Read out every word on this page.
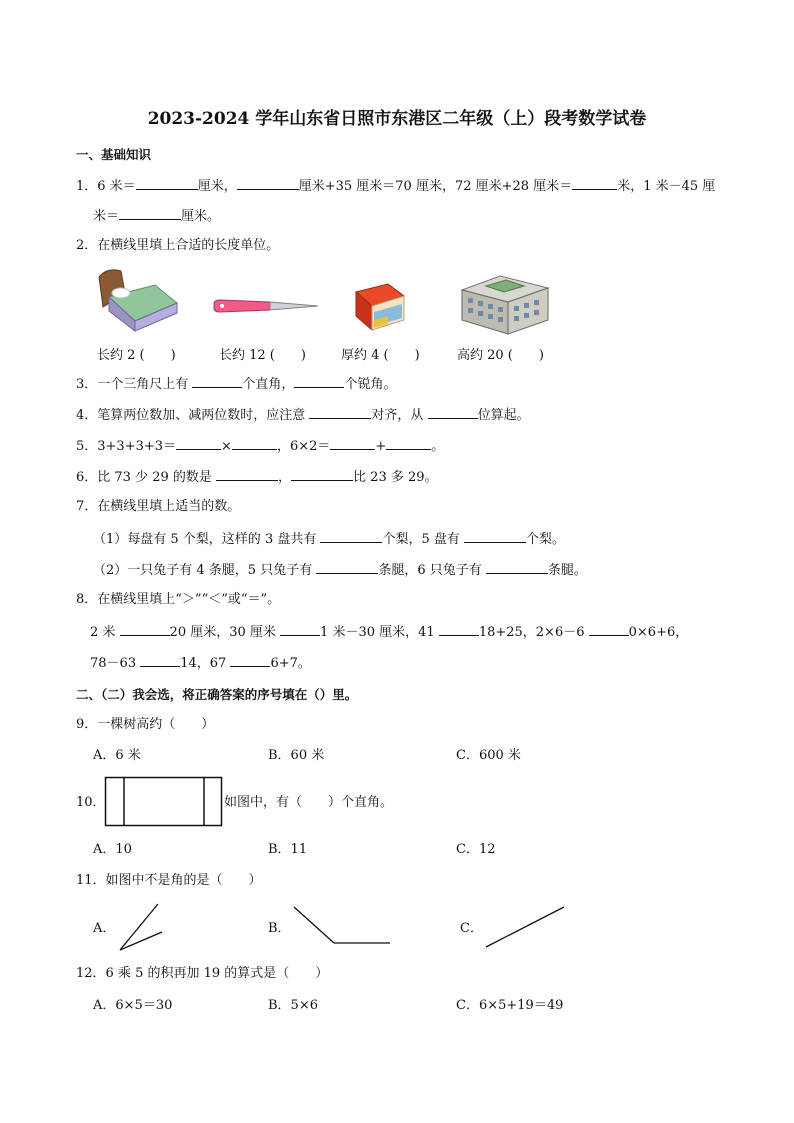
2023-2024 学年山东省日照市东港区二年级（上）段考数学试卷
一、基础知识
1．6 米＝	厘米，	厘米+35 厘米＝70 厘米，72 厘米+28 厘米＝	米，1 米－45 厘
米＝	厘米。
2．在横线里填上合适的长度单位。
长约 2 (　　)	长约 12 (　　)	厚约 4 (　　)	高约 20 (　　)
3．一个三角尺上有	个直角，	个锐角。
4．笔算两位数加、减两位数时，应注意	对齐，从	位算起。
5．3+3+3+3＝	×	，6×2＝	+	。
6．比 73 少 29 的数是	，	比 23 多 29。
7．在横线里填上适当的数。
（1）每盘有 5 个梨，这样的 3 盘共有	个梨，5 盘有	个梨。
（2）一只兔子有 4 条腿，5 只兔子有	条腿，6 只兔子有	条腿。
8．在横线里填上“＞”“＜”或“＝”。
2 米	20 厘米，30 厘米	1 米－30 厘米，41	18+25，2×6－6	0×6+6，
78－63	14，67	6+7。
二、（二）我会选，将正确答案的序号填在（）里。
9．一棵树高约（　　）
A．6 米	B．60 米	C．600 米
10．	如图中，有（　　）个直角。
A．10	B．11	C．12
11．如图中不是角的是（　　）
A．	B．	C．
12．6 乘 5 的积再加 19 的算式是（　　）
A．6×5＝30	B．5×6	C．6×5+19＝49
